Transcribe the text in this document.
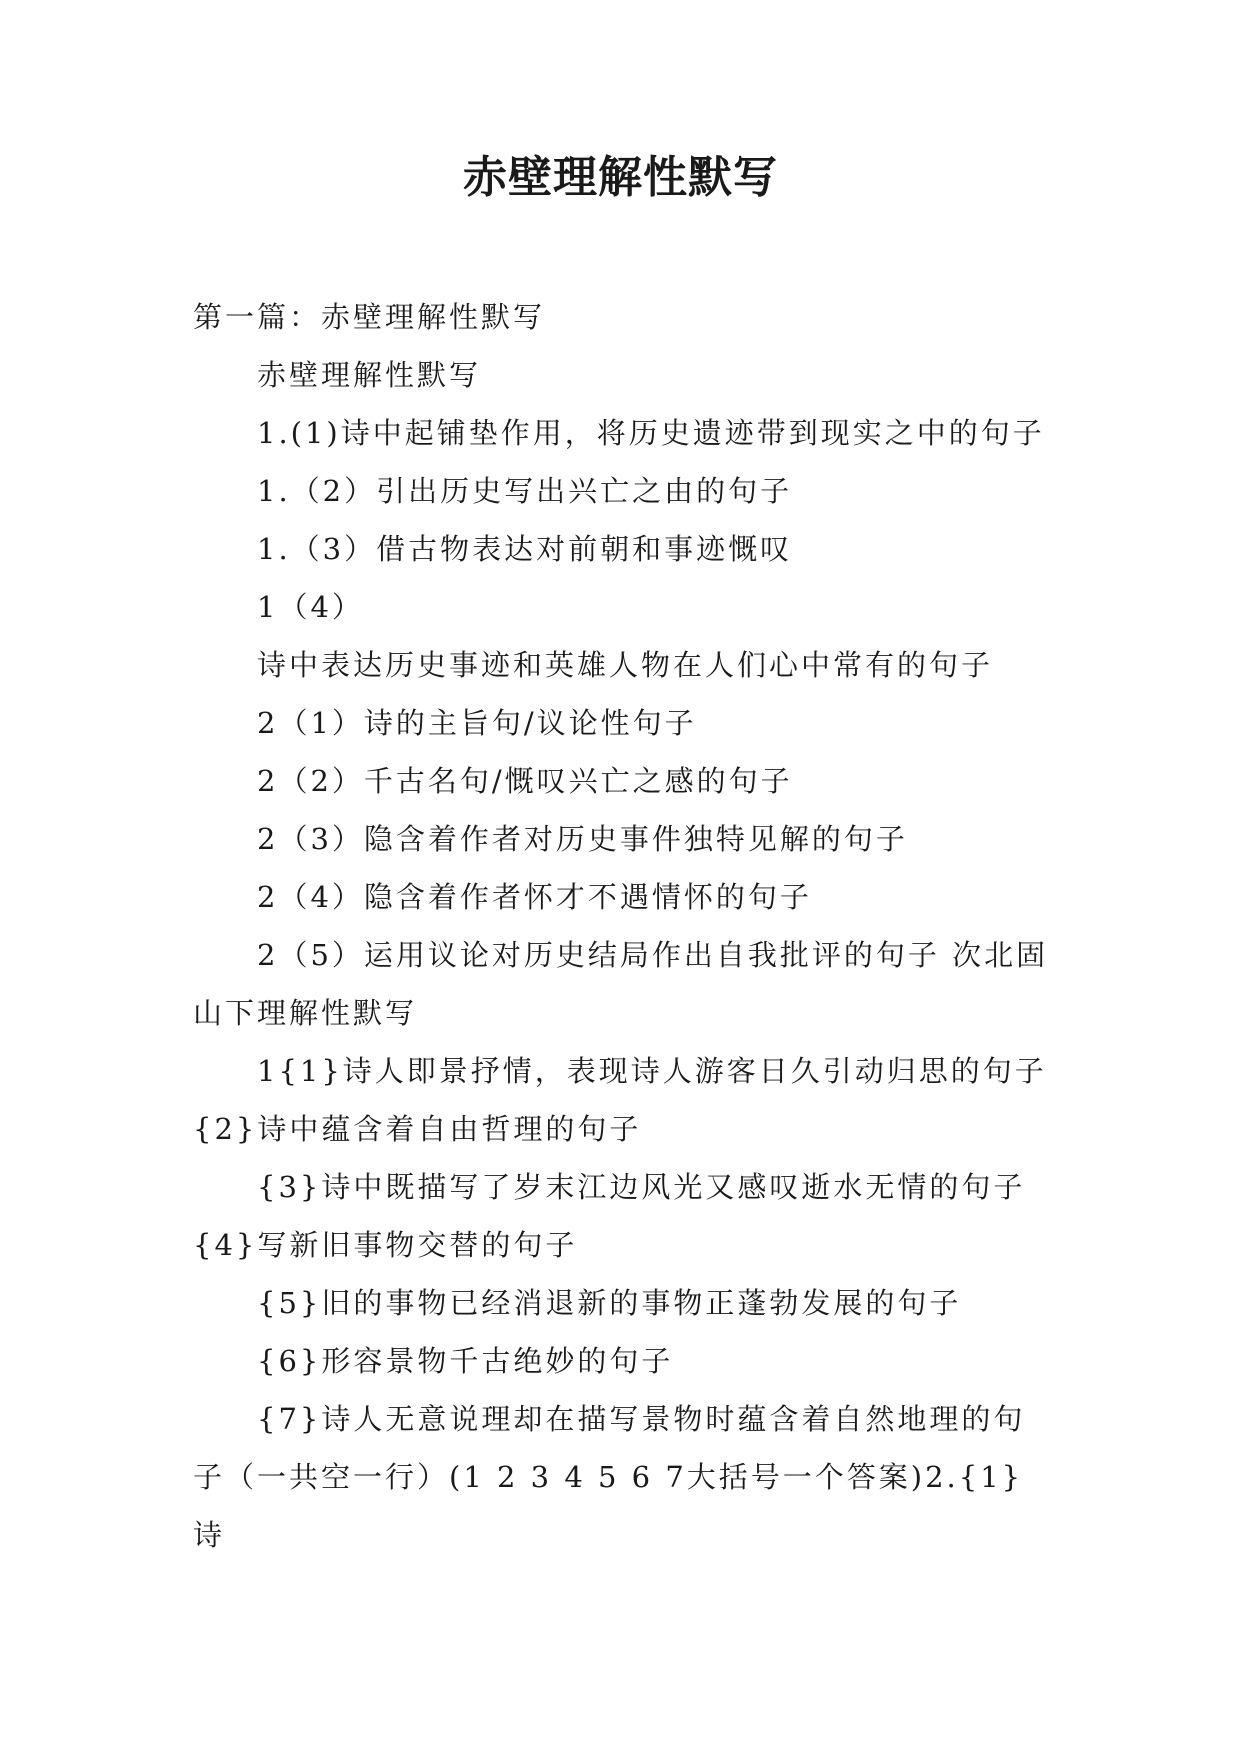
赤壁理解性默写

第一篇：赤壁理解性默写

赤壁理解性默写

1.(1)诗中起铺垫作用，将历史遗迹带到现实之中的句子

1.（2）引出历史写出兴亡之由的句子

1.（3）借古物表达对前朝和事迹慨叹

1（4）

诗中表达历史事迹和英雄人物在人们心中常有的句子

2（1）诗的主旨句/议论性句子

2（2）千古名句/慨叹兴亡之感的句子

2（3）隐含着作者对历史事件独特见解的句子

2（4）隐含着作者怀才不遇情怀的句子

2（5）运用议论对历史结局作出自我批评的句子 次北固山下理解性默写

1{1}诗人即景抒情，表现诗人游客日久引动归思的句子

{2}诗中蕴含着自由哲理的句子

{3}诗中既描写了岁末江边风光又感叹逝水无情的句子

{4}写新旧事物交替的句子

{5}旧的事物已经消退新的事物正蓬勃发展的句子

{6}形容景物千古绝妙的句子

{7}诗人无意说理却在描写景物时蕴含着自然地理的句子（一共空一行）(1 2 3 4 5 6 7大括号一个答案)2.{1}诗
